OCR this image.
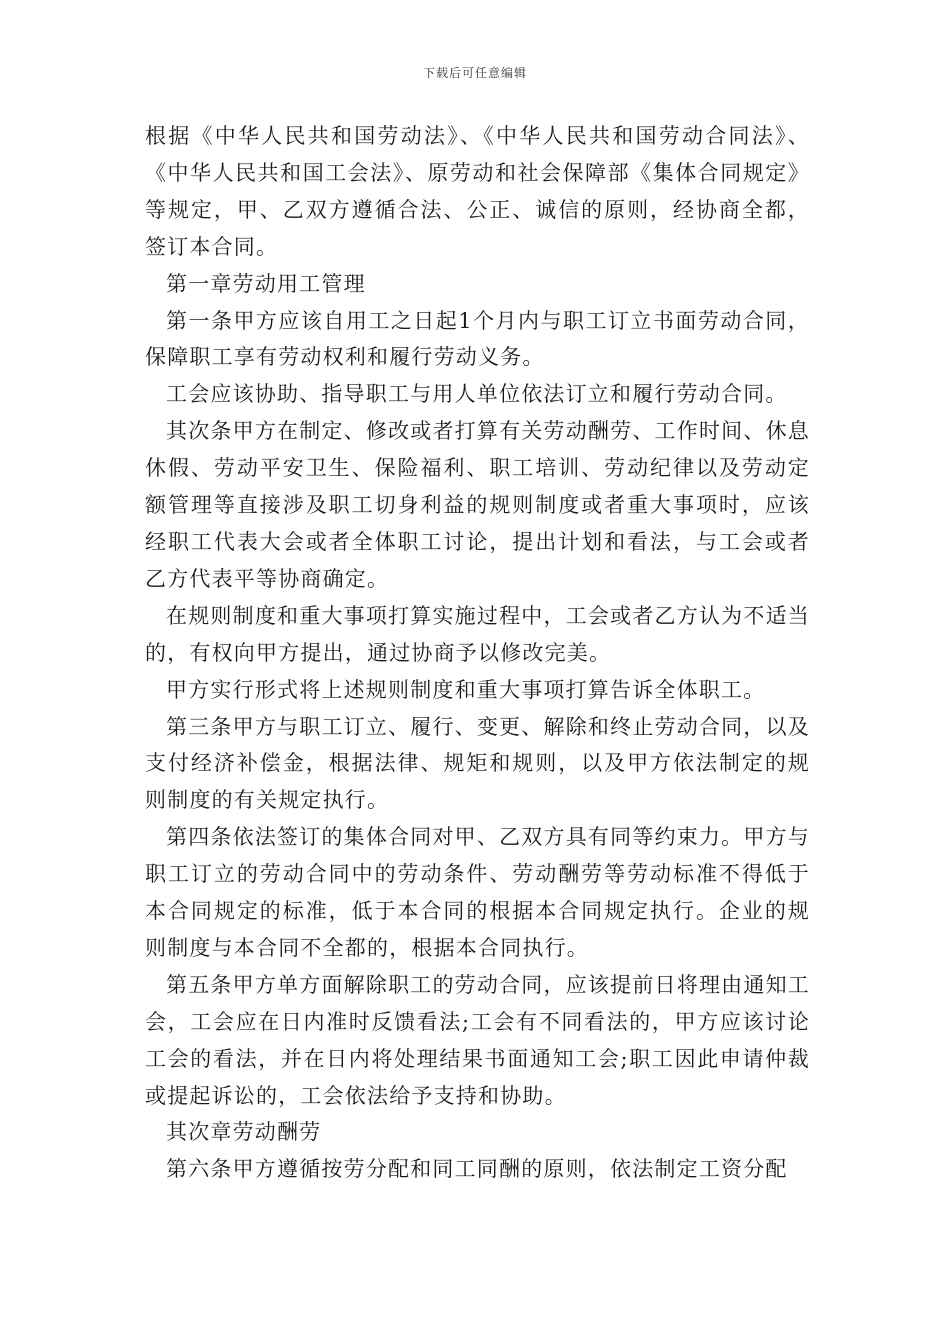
下载后可任意编辑

根据《中华人民共和国劳动法》、《中华人民共和国劳动合同法》、《中华人民共和国工会法》、原劳动和社会保障部《集体合同规定》等规定，甲、乙双方遵循合法、公正、诚信的原则，经协商全都，签订本合同。

第一章劳动用工管理

第一条甲方应该自用工之日起1个月内与职工订立书面劳动合同，保障职工享有劳动权利和履行劳动义务。

工会应该协助、指导职工与用人单位依法订立和履行劳动合同。

其次条甲方在制定、修改或者打算有关劳动酬劳、工作时间、休息休假、劳动平安卫生、保险福利、职工培训、劳动纪律以及劳动定额管理等直接涉及职工切身利益的规则制度或者重大事项时，应该经职工代表大会或者全体职工讨论，提出计划和看法，与工会或者乙方代表平等协商确定。

在规则制度和重大事项打算实施过程中，工会或者乙方认为不适当的，有权向甲方提出，通过协商予以修改完美。

甲方实行形式将上述规则制度和重大事项打算告诉全体职工。

第三条甲方与职工订立、履行、变更、解除和终止劳动合同，以及支付经济补偿金，根据法律、规矩和规则，以及甲方依法制定的规则制度的有关规定执行。

第四条依法签订的集体合同对甲、乙双方具有同等约束力。甲方与职工订立的劳动合同中的劳动条件、劳动酬劳等劳动标准不得低于本合同规定的标准，低于本合同的根据本合同规定执行。企业的规则制度与本合同不全都的，根据本合同执行。

第五条甲方单方面解除职工的劳动合同，应该提前日将理由通知工会，工会应在日内准时反馈看法;工会有不同看法的，甲方应该讨论工会的看法，并在日内将处理结果书面通知工会;职工因此申请仲裁或提起诉讼的，工会依法给予支持和协助。

其次章劳动酬劳

第六条甲方遵循按劳分配和同工同酬的原则，依法制定工资分配
